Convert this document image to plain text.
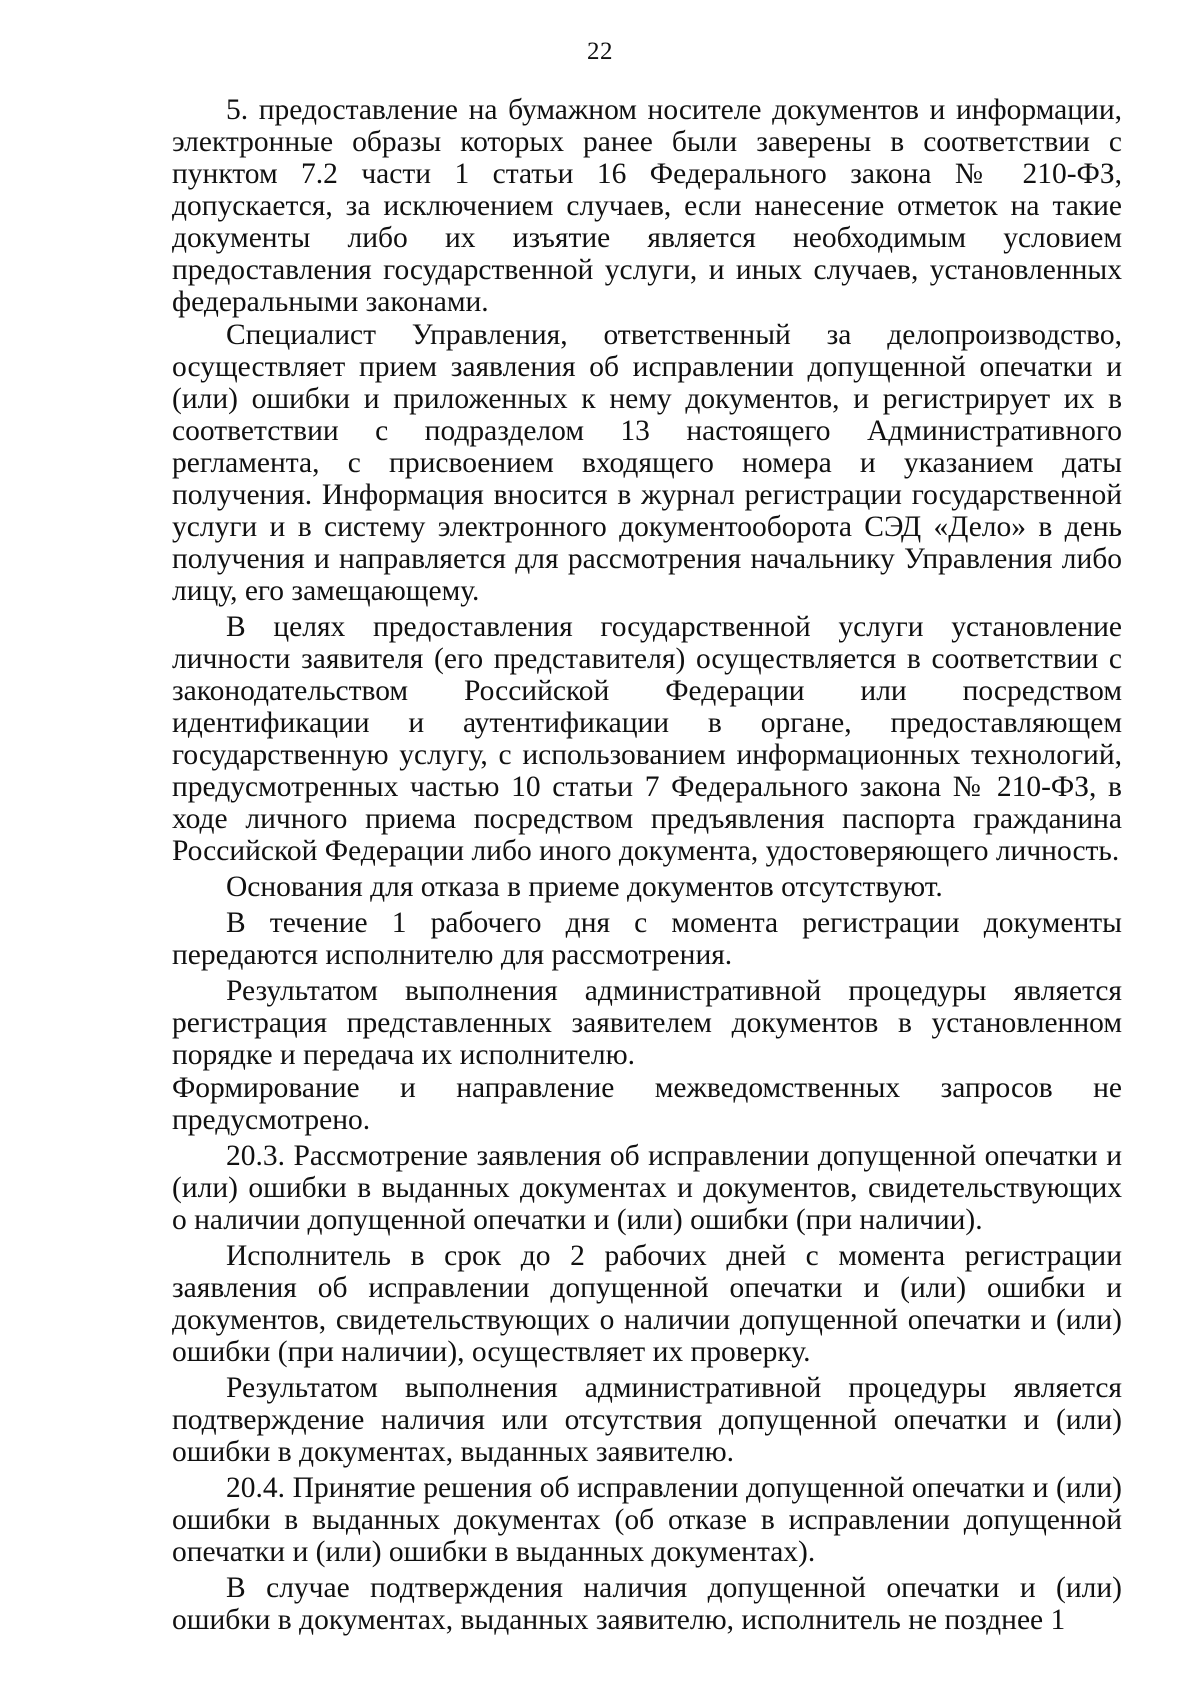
22

5. предоставление на бумажном носителе документов и информации, электронные образы которых ранее были заверены в соответствии с пунктом 7.2 части 1 статьи 16 Федерального закона № 210-ФЗ, допускается, за исключением случаев, если нанесение отметок на такие документы либо их изъятие является необходимым условием предоставления государственной услуги, и иных случаев, установленных федеральными законами.

Специалист Управления, ответственный за делопроизводство, осуществляет прием заявления об исправлении допущенной опечатки и (или) ошибки и приложенных к нему документов, и регистрирует их в соответствии с подразделом 13 настоящего Административного регламента, с присвоением входящего номера и указанием даты получения. Информация вносится в журнал регистрации государственной услуги и в систему электронного документооборота СЭД «Дело» в день получения и направляется для рассмотрения начальнику Управления либо лицу, его замещающему.

В целях предоставления государственной услуги установление личности заявителя (его представителя) осуществляется в соответствии с законодательством Российской Федерации или посредством идентификации и аутентификации в органе, предоставляющем государственную услугу, с использованием информационных технологий, предусмотренных частью 10 статьи 7 Федерального закона № 210-ФЗ, в ходе личного приема посредством предъявления паспорта гражданина Российской Федерации либо иного документа, удостоверяющего личность.

Основания для отказа в приеме документов отсутствуют.

В течение 1 рабочего дня с момента регистрации документы передаются исполнителю для рассмотрения.

Результатом выполнения административной процедуры является регистрация представленных заявителем документов в установленном порядке и передача их исполнителю.

Формирование и направление межведомственных запросов не предусмотрено.

20.3. Рассмотрение заявления об исправлении допущенной опечатки и (или) ошибки в выданных документах и документов, свидетельствующих о наличии допущенной опечатки и (или) ошибки (при наличии).

Исполнитель в срок до 2 рабочих дней с момента регистрации заявления об исправлении допущенной опечатки и (или) ошибки и документов, свидетельствующих о наличии допущенной опечатки и (или) ошибки (при наличии), осуществляет их проверку.

Результатом выполнения административной процедуры является подтверждение наличия или отсутствия допущенной опечатки и (или) ошибки в документах, выданных заявителю.

20.4. Принятие решения об исправлении допущенной опечатки и (или) ошибки в выданных документах (об отказе в исправлении допущенной опечатки и (или) ошибки в выданных документах).

В случае подтверждения наличия допущенной опечатки и (или) ошибки в документах, выданных заявителю, исполнитель не позднее 1
